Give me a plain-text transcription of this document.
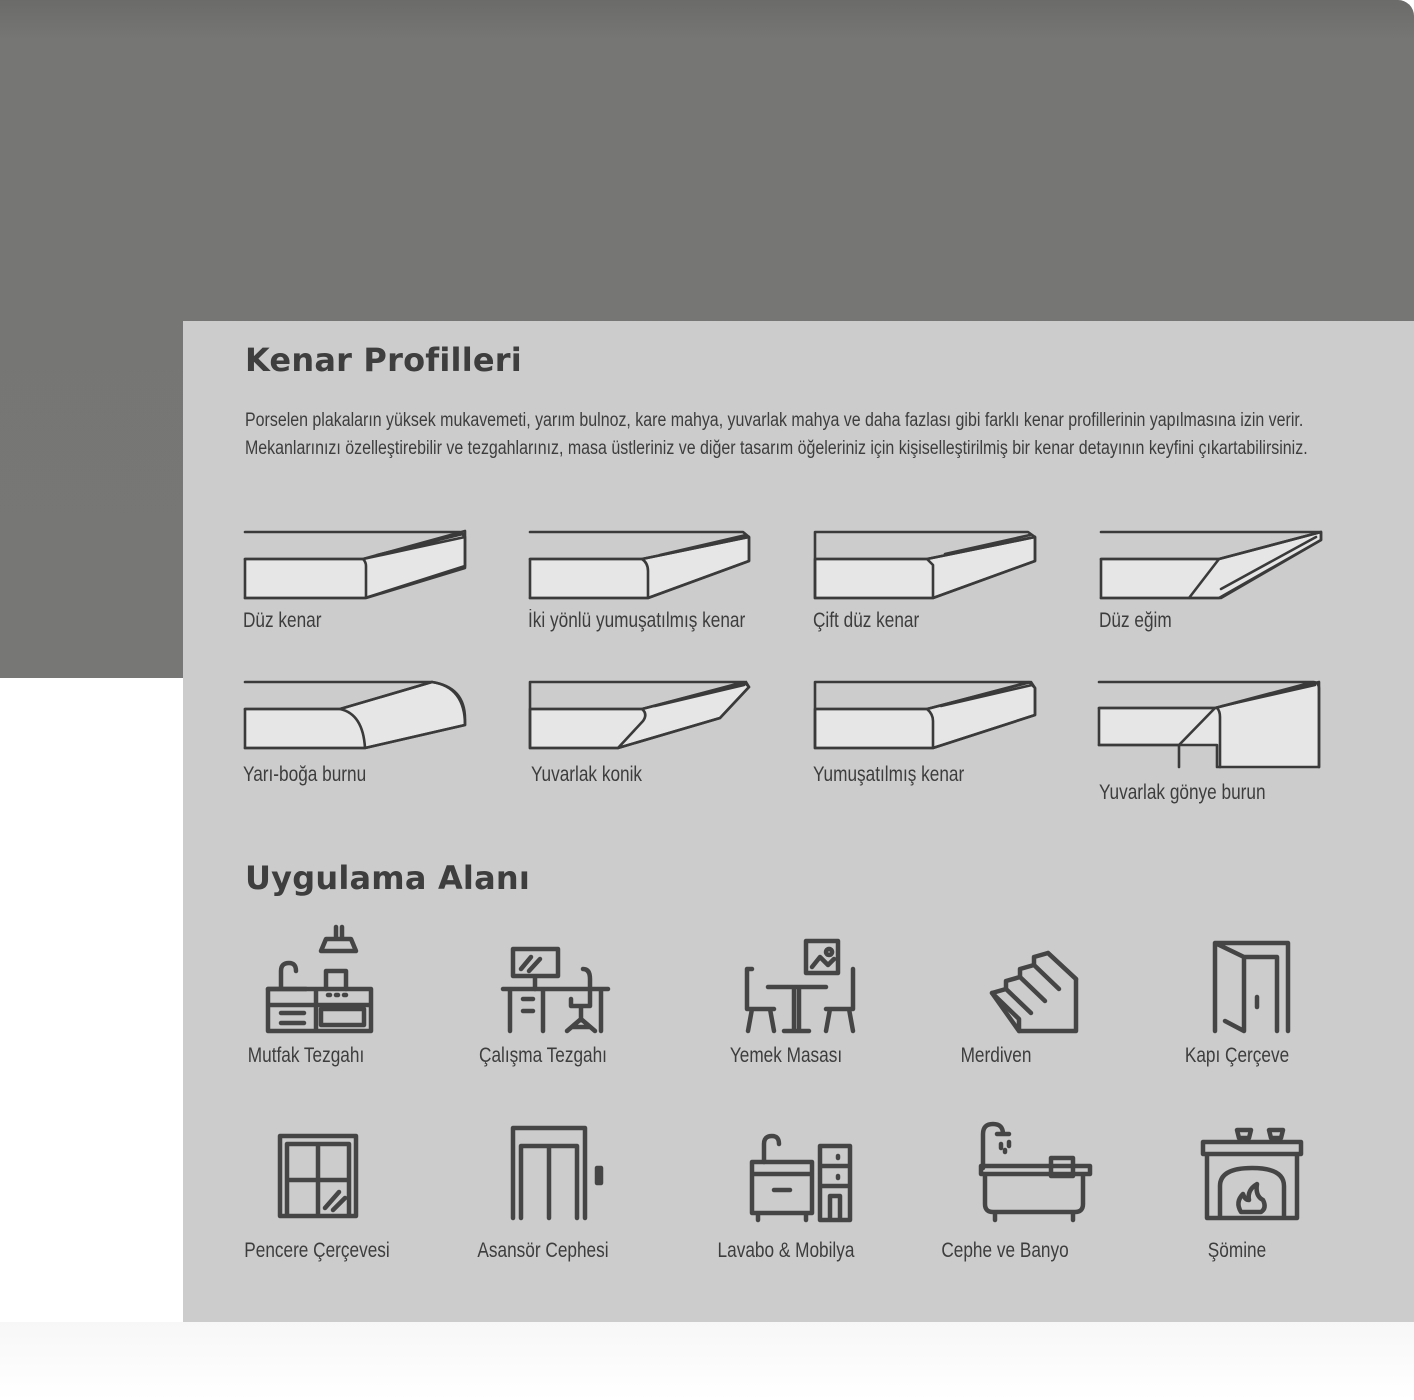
Kenar Profilleri

Porselen plakaların yüksek mukavemeti, yarım bulnoz, kare mahya, yuvarlak mahya ve daha fazlası gibi farklı kenar profillerinin yapılmasına izin verir. Mekanlarınızı özelleştirebilir ve tezgahlarınız, masa üstleriniz ve diğer tasarım öğeleriniz için kişiselleştirilmiş bir kenar detayının keyfini çıkartabilirsiniz.

Düz kenar	İki yönlü yumuşatılmış kenar	Çift düz kenar	Düz eğim
Yarı-boğa burnu	Yuvarlak konik	Yumuşatılmış kenar
Yuvarlak gönye burun
Uygulama Alanı
Mutfak Tezgahı	Çalışma Tezgahı	Yemek Masası	Merdiven	Kapı Çerçeve
Pencere Çerçevesi	Asansör Cephesi	Lavabo & Mobilya	Cephe ve Banyo	Şömine
